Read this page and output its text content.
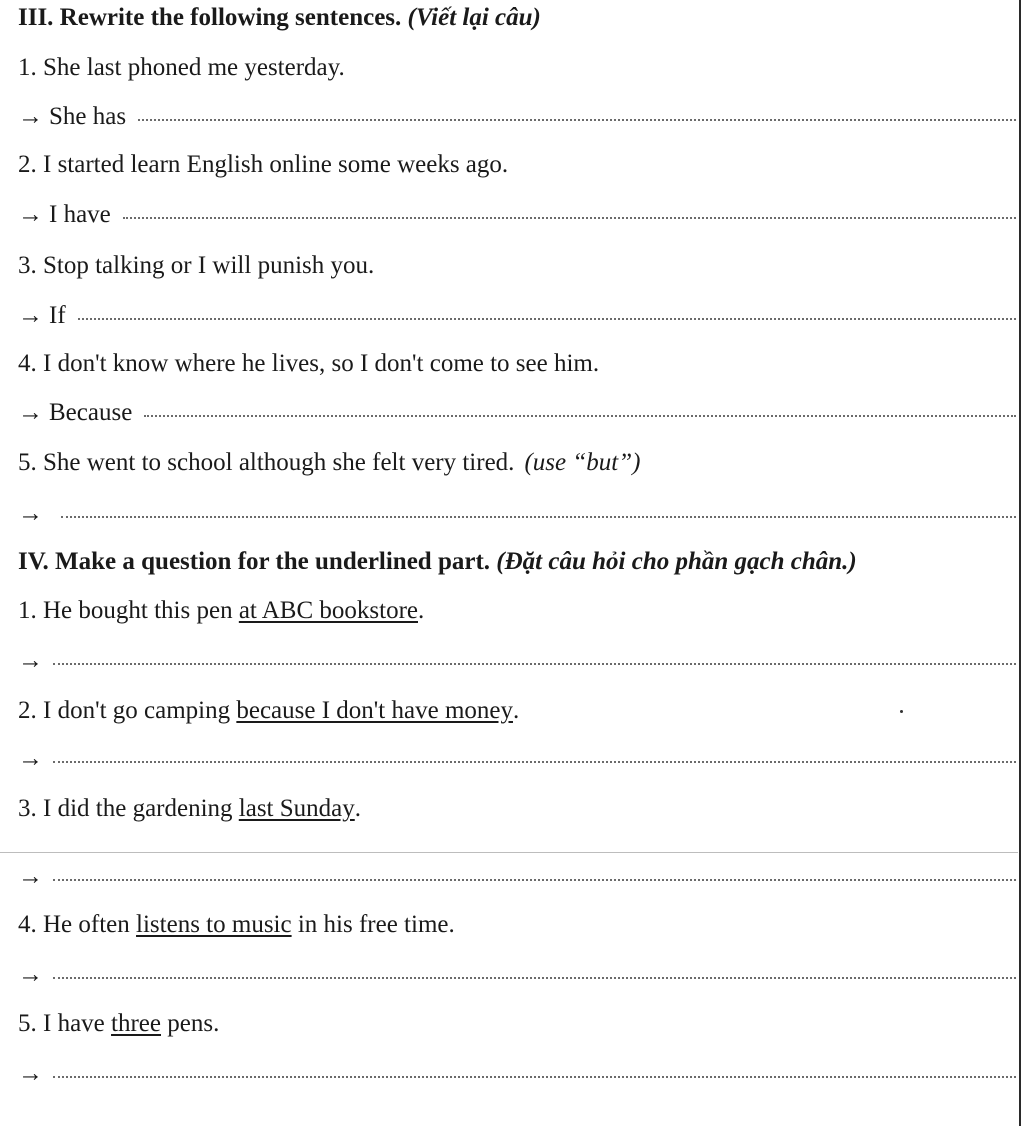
III. Rewrite the following sentences.
(Viết lại câu)
1. She last phoned me yesterday.
→ She has
2. I started learn English online some weeks ago.
→ I have
3. Stop talking or I will punish you.
→ If
4. I don't know where he lives, so I don't come to see him.
→ Because
5. She went to school although she felt very tired. (use “but”)
→
IV. Make a question for the underlined part.
(Đặt câu hỏi cho phần gạch chân.)
1. He bought this pen at ABC bookstore .
→
2. I don't go camping because I don't have money .
→
3. I did the gardening last Sunday .
→
4. He often listens to music in his free time.
→
5. I have three pens.
→
